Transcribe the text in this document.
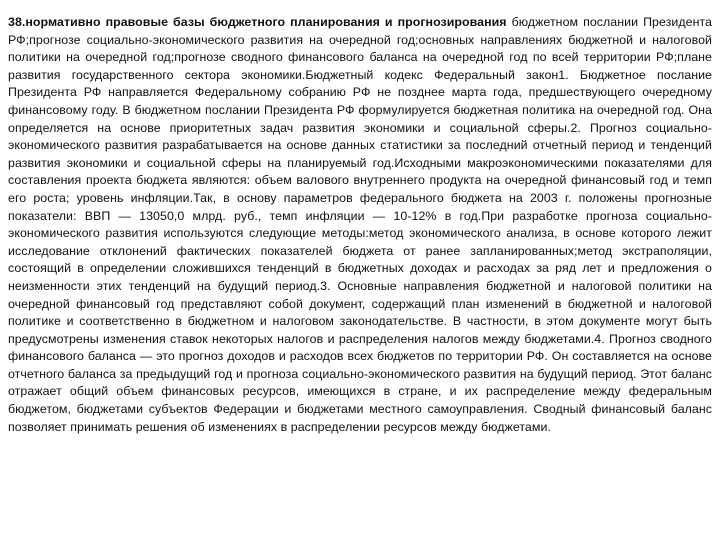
38.нормативно правовые базы бюджетного планирования и прогнозирования бюджетном послании Президента РФ;прогнозе социально-экономического развития на очередной год;основных направлениях бюджетной и налоговой политики на очередной год;прогнозе сводного финансового баланса на очередной год по всей территории РФ;плане развития государственного сектора экономики.Бюджетный кодекс Федеральный закон1. Бюджетное послание Президента РФ направляется Федеральному собранию РФ не позднее марта года, предшествующего очередному финансовому году. В бюджетном послании Президента РФ формулируется бюджетная политика на очередной год. Она определяется на основе приоритетных задач развития экономики и социальной сферы.2. Прогноз социально-экономического развития разрабатывается на основе данных статистики за последний отчетный период и тенденций развития экономики и социальной сферы на планируемый год.Исходными макроэкономическими показателями для составления проекта бюджета являются: объем валового внутреннего продукта на очередной финансовый год и темп его роста; уровень инфляции.Так, в основу параметров федерального бюджета на 2003 г. положены прогнозные показатели: ВВП — 13050,0 млрд. руб., темп инфляции — 10-12% в год.При разработке прогноза социально-экономического развития используются следующие методы:метод экономического анализа, в основе которого лежит исследование отклонений фактических показателей бюджета от ранее запланированных;метод экстраполяции, состоящий в определении сложившихся тенденций в бюджетных доходах и расходах за ряд лет и предложения о неизменности этих тенденций на будущий период.3. Основные направления бюджетной и налоговой политики на очередной финансовый год представляют собой документ, содержащий план изменений в бюджетной и налоговой политике и соответственно в бюджетном и налоговом законодательстве. В частности, в этом документе могут быть предусмотрены изменения ставок некоторых налогов и распределения налогов между бюджетами.4. Прогноз сводного финансового баланса — это прогноз доходов и расходов всех бюджетов по территории РФ. Он составляется на основе отчетного баланса за предыдущий год и прогноза социально-экономического развития на будущий период. Этот баланс отражает общий объем финансовых ресурсов, имеющихся в стране, и их распределение между федеральным бюджетом, бюджетами субъектов Федерации и бюджетами местного самоуправления. Сводный финансовый баланс позволяет принимать решения об изменениях в распределении ресурсов между бюджетами.
